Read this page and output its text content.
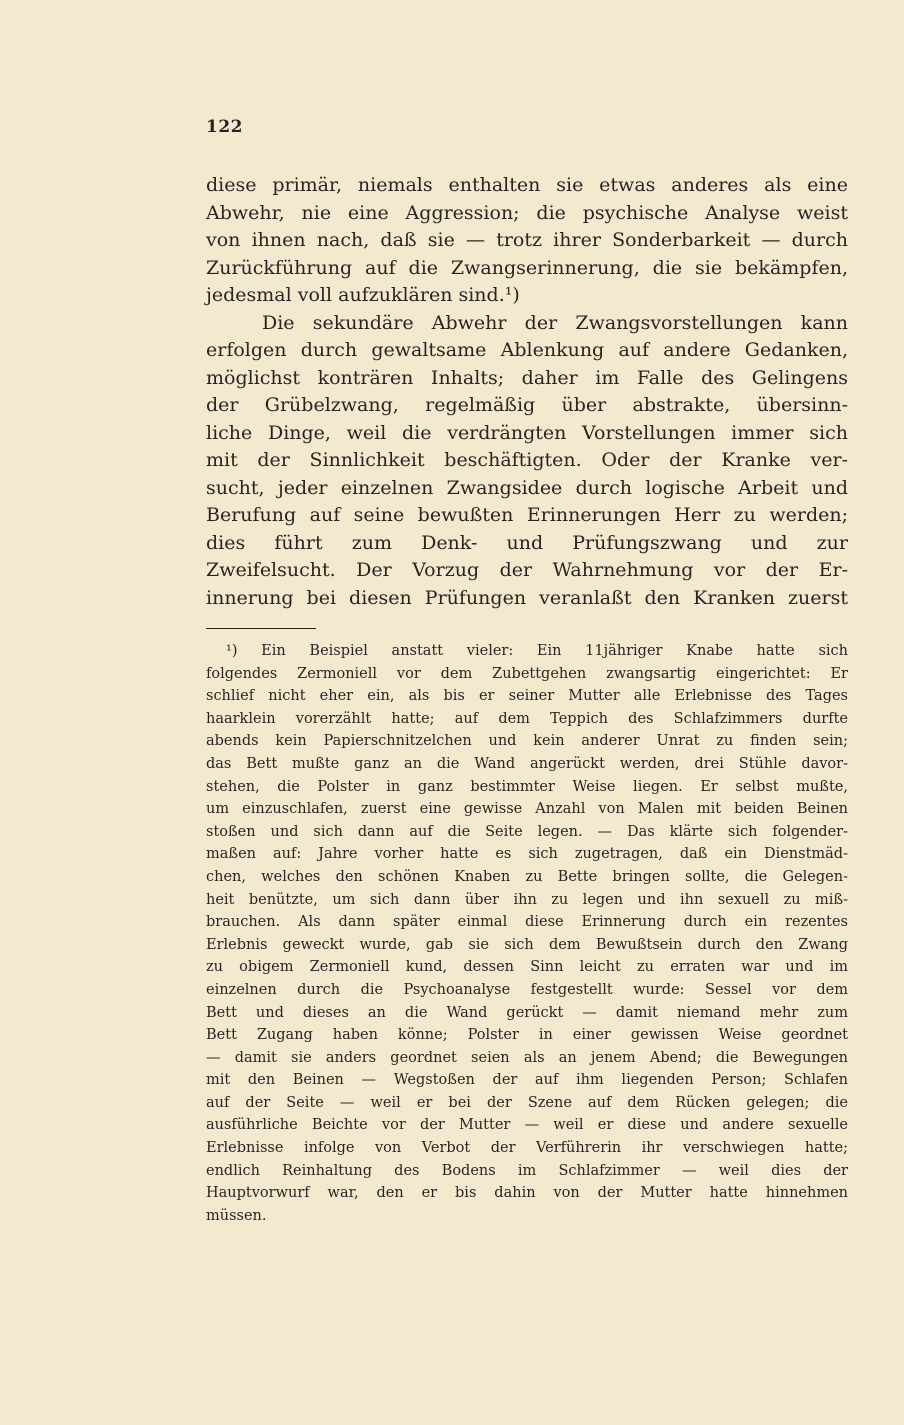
122
diese primär, niemals enthalten sie etwas anderes als eine
Abwehr, nie eine Aggression; die psychische Analyse weist
von ihnen nach, daß sie — trotz ihrer Sonderbarkeit — durch
Zurückführung auf die Zwangserinnerung, die sie bekämpfen,
jedesmal voll aufzuklären sind.¹)
Die sekundäre Abwehr der Zwangsvorstellungen kann
erfolgen durch gewaltsame Ablenkung auf andere Gedanken,
möglichst konträren Inhalts; daher im Falle des Gelingens
der Grübelzwang, regelmäßig über abstrakte, übersinn-
liche Dinge, weil die verdrängten Vorstellungen immer sich
mit der Sinnlichkeit beschäftigten. Oder der Kranke ver-
sucht, jeder einzelnen Zwangsidee durch logische Arbeit und
Berufung auf seine bewußten Erinnerungen Herr zu werden;
dies führt zum Denk- und Prüfungszwang und zur
Zweifelsucht. Der Vorzug der Wahrnehmung vor der Er-
innerung bei diesen Prüfungen veranlaßt den Kranken zuerst
¹) Ein Beispiel anstatt vieler: Ein 11jähriger Knabe hatte sich
folgendes Zermoniell vor dem Zubettgehen zwangsartig eingerichtet: Er
schlief nicht eher ein, als bis er seiner Mutter alle Erlebnisse des Tages
haarklein vorerzählt hatte; auf dem Teppich des Schlafzimmers durfte
abends kein Papierschnitzelchen und kein anderer Unrat zu finden sein;
das Bett mußte ganz an die Wand angerückt werden, drei Stühle davor-
stehen, die Polster in ganz bestimmter Weise liegen. Er selbst mußte,
um einzuschlafen, zuerst eine gewisse Anzahl von Malen mit beiden Beinen
stoßen und sich dann auf die Seite legen. — Das klärte sich folgender-
maßen auf: Jahre vorher hatte es sich zugetragen, daß ein Dienstmäd-
chen, welches den schönen Knaben zu Bette bringen sollte, die Gelegen-
heit benützte, um sich dann über ihn zu legen und ihn sexuell zu miß-
brauchen. Als dann später einmal diese Erinnerung durch ein rezentes
Erlebnis geweckt wurde, gab sie sich dem Bewußtsein durch den Zwang
zu obigem Zermoniell kund, dessen Sinn leicht zu erraten war und im
einzelnen durch die Psychoanalyse festgestellt wurde: Sessel vor dem
Bett und dieses an die Wand gerückt — damit niemand mehr zum
Bett Zugang haben könne; Polster in einer gewissen Weise geordnet
— damit sie anders geordnet seien als an jenem Abend; die Bewegungen
mit den Beinen — Wegstoßen der auf ihm liegenden Person; Schlafen
auf der Seite — weil er bei der Szene auf dem Rücken gelegen; die
ausführliche Beichte vor der Mutter — weil er diese und andere sexuelle
Erlebnisse infolge von Verbot der Verführerin ihr verschwiegen hatte;
endlich Reinhaltung des Bodens im Schlafzimmer — weil dies der
Hauptvorwurf war, den er bis dahin von der Mutter hatte hinnehmen
müssen.
